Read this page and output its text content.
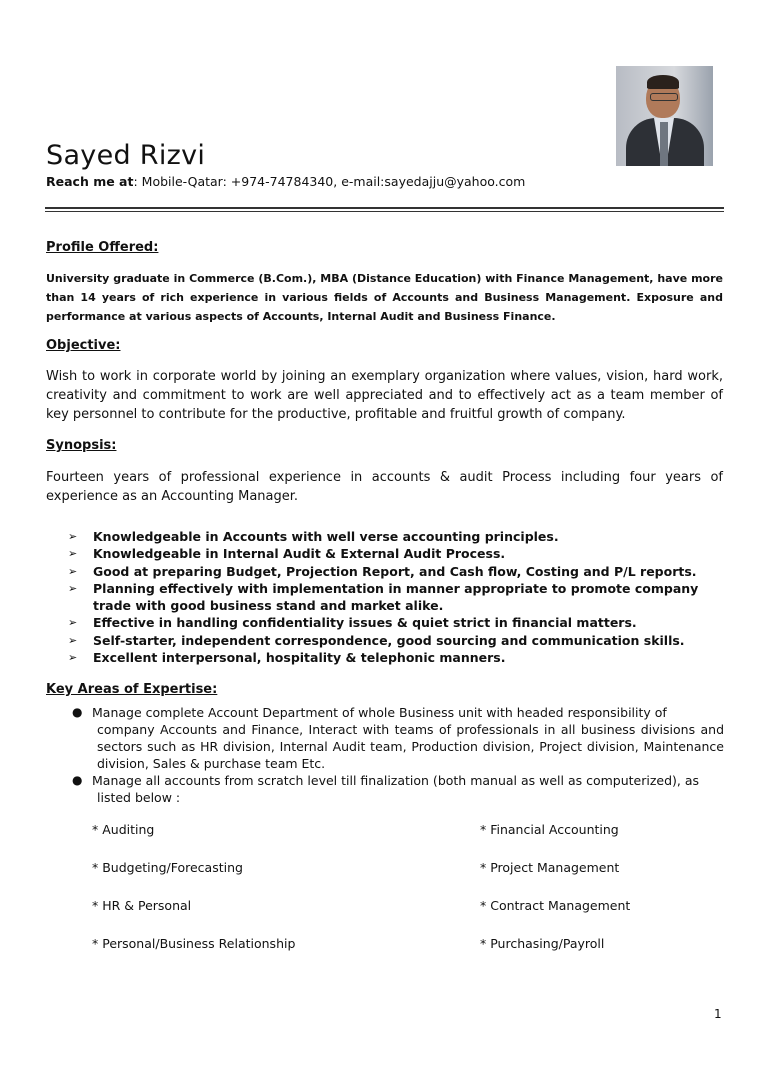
Sayed Rizvi
Reach me at: Mobile-Qatar: +974-74784340, e-mail:sayedajju@yahoo.com
Profile Offered:

University graduate in Commerce (B.Com.), MBA (Distance Education) with Finance Management, have more than 14 years of rich experience in various fields of Accounts and Business Management. Exposure and performance at various aspects of Accounts, Internal Audit and Business Finance.

Objective:

Wish to work in corporate world by joining an exemplary organization where values, vision, hard work, creativity and commitment to work are well appreciated and to effectively act as a team member of key personnel to contribute for the productive, profitable and fruitful growth of company.

Synopsis:

Fourteen years of professional experience in accounts & audit Process including four years of experience as an Accounting Manager.

➢ Knowledgeable in Accounts with well verse accounting principles.
➢ Knowledgeable in Internal Audit & External Audit Process.
➢ Good at preparing Budget, Projection Report, and Cash flow, Costing and P/L reports.
➢ Planning effectively with implementation in manner appropriate to promote company trade with good business stand and market alike.
➢ Effective in handling confidentiality issues & quiet strict in financial matters.
➢ Self-starter, independent correspondence, good sourcing and communication skills.
➢ Excellent interpersonal, hospitality & telephonic manners.
Key Areas of Expertise:
● Manage complete Account Department of whole Business unit with headed responsibility of
company Accounts and Finance, Interact with teams of professionals in all business divisions and sectors such as HR division, Internal Audit team, Production division, Project division, Maintenance division, Sales & purchase team Etc.
● Manage all accounts from scratch level till finalization (both manual as well as computerized), as
listed below :
* Auditing	* Financial Accounting
* Budgeting/Forecasting	* Project Management
* HR & Personal	* Contract Management
* Personal/Business Relationship	* Purchasing/Payroll
1
